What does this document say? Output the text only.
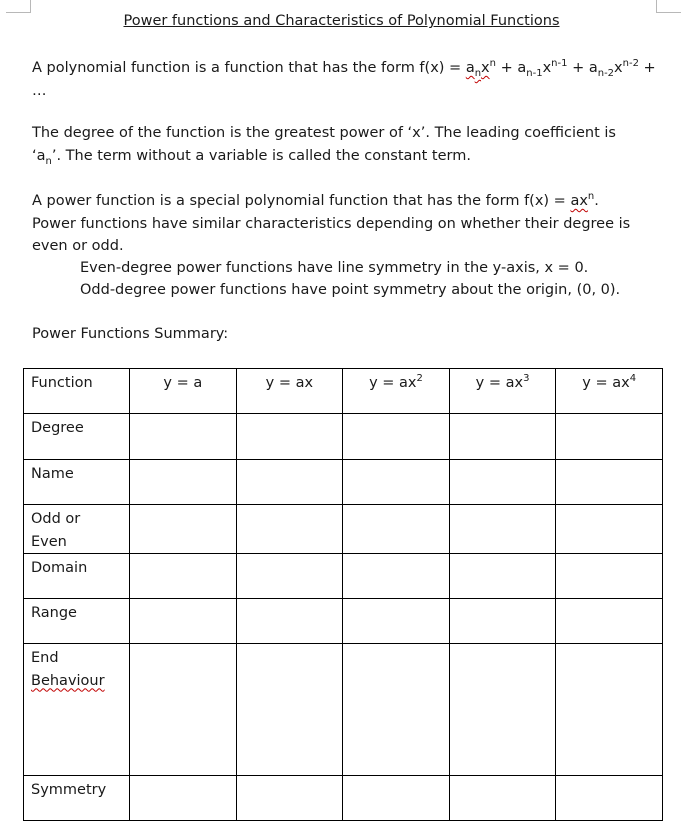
Power functions and Characteristics of Polynomial Functions

A polynomial function is a function that has the form $f(x) = a_nx^n + a_{n-1}x^{n-1} + a_{n-2}x^{n-2}$ +
…

The degree of the function is the greatest power of ‘x’. The leading coefficient is
‘$a_n$’. The term without a variable is called the constant term.

A power function is a special polynomial function that has the form $f(x) = ax^n$.
Power functions have similar characteristics depending on whether their degree is
even or odd.

Even-degree power functions have line symmetry in the y-axis, x = 0.

Odd-degree power functions have point symmetry about the origin, (0, 0).

Power Functions Summary:

Function	y = a	y = ax	$y = ax^2$	$y = ax^3$	$y = ax^4$
Degree					
Name					

Odd or
Even					

Domain					
Range					

End
Behaviour					

Symmetry					
